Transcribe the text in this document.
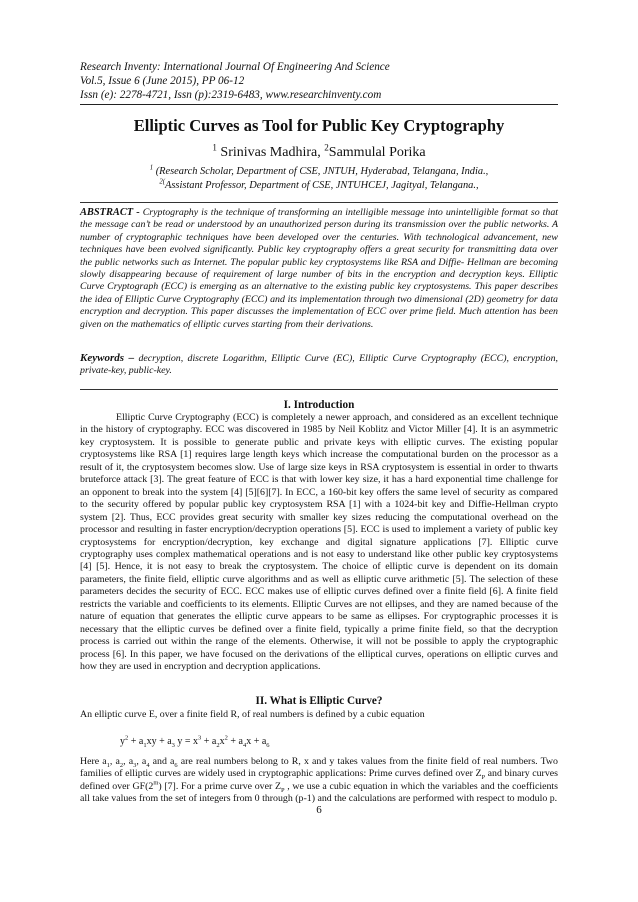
Research Inventy: International Journal Of Engineering And Science
Vol.5, Issue 6 (June 2015), PP 06-12
Issn (e): 2278-4721, Issn (p):2319-6483, www.researchinventy.com
Elliptic Curves as Tool for Public Key Cryptography
$^1$ Srinivas Madhira, $^2$Sammulal Porika
$^1$ (Research Scholar, Department of CSE, JNTUH, Hyderabad, Telangana, India.,
$^{2(}$Assistant Professor, Department of CSE, JNTUHCEJ, Jagityal, Telangana.,
ABSTRACT - Cryptography is the technique of transforming an intelligible message into unintelligible format so that the message can’t be read or understood by an unauthorized person during its transmission over the public networks. A number of cryptographic techniques have been developed over the centuries. With technological advancement, new techniques have been evolved significantly. Public key cryptography offers a great security for transmitting data over the public networks such as Internet. The popular public key cryptosystems like RSA and Diffie- Hellman are becoming slowly disappearing because of requirement of large number of bits in the encryption and decryption keys. Elliptic Curve Cryptograph (ECC) is emerging as an alternative to the existing public key cryptosystems. This paper describes the idea of Elliptic Curve Cryptography (ECC) and its implementation through two dimensional (2D) geometry for data encryption and decryption. This paper discusses the implementation of ECC over prime field. Much attention has been given on the mathematics of elliptic curves starting from their derivations.
Keywords – decryption, discrete Logarithm, Elliptic Curve (EC), Elliptic Curve Cryptography (ECC), encryption, private-key, public-key.
I. Introduction
Elliptic Curve Cryptography (ECC) is completely a newer approach, and considered as an excellent technique in the history of cryptography. ECC was discovered in 1985 by Neil Koblitz and Victor Miller [4]. It is an asymmetric key cryptosystem. It is possible to generate public and private keys with elliptic curves. The existing popular cryptosystems like RSA [1] requires large length keys which increase the computational burden on the processor as a result of it, the cryptosystem becomes slow. Use of large size keys in RSA cryptosystem is essential in order to thwarts bruteforce attack [3]. The great feature of ECC is that with lower key size, it has a hard exponential time challenge for an opponent to break into the system [4] [5][6][7]. In ECC, a 160-bit key offers the same level of security as compared to the security offered by popular public key cryptosystem RSA [1] with a 1024-bit key and Diffie-Hellman crypto system [2]. Thus, ECC provides great security with smaller key sizes reducing the computational overhead on the processor and resulting in faster encryption/decryption operations [5]. ECC is used to implement a variety of public key cryptosystems for encryption/decryption, key exchange and digital signature applications [7]. Elliptic curve cryptography uses complex mathematical operations and is not easy to understand like other public key cryptosystems [4] [5]. Hence, it is not easy to break the cryptosystem. The choice of elliptic curve is dependent on its domain parameters, the finite field, elliptic curve algorithms and as well as elliptic curve arithmetic [5]. The selection of these parameters decides the security of ECC. ECC makes use of elliptic curves defined over a finite field [6]. A finite field restricts the variable and coefficients to its elements. Elliptic Curves are not ellipses, and they are named because of the nature of equation that generates the elliptic curve appears to be same as ellipses. For cryptographic processes it is necessary that the elliptic curves be defined over a finite field, typically a prime finite field, so that the decryption process is carried out within the range of the elements. Otherwise, it will not be possible to apply the cryptographic process [6]. In this paper, we have focused on the derivations of the elliptical curves, operations on elliptic curves and how they are used in encryption and decryption applications.
II. What is Elliptic Curve?
An elliptic curve E, over a finite field R, of real numbers is defined by a cubic equation
$y^2 + a_1xy + a_3$ $y = x^3 + a_2x^2 + a_4x + a_6$
Here $a_1$, $a_2$, $a_3$, $a_4$ and $a_6$ are real numbers belong to R, x and y takes values from the finite field of real numbers. Two families of elliptic curves are widely used in cryptographic applications: Prime curves defined over $Z_P$ and binary curves defined over GF(2$^m$) [7]. For a prime curve over $Z_P$ , we use a cubic equation in which the variables and the coefficients all take values from the set of integers from 0 through (p-1) and the calculations are performed with respect to modulo p.
6
